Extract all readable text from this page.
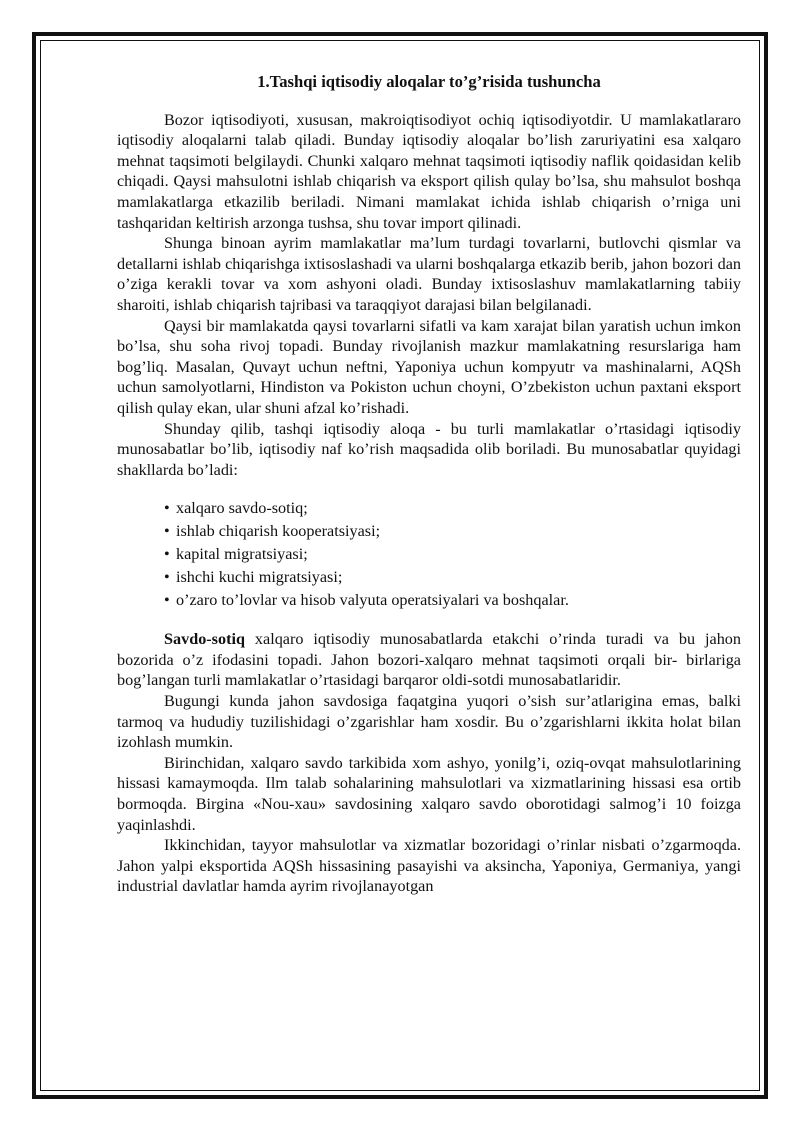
1.Tashqi iqtisodiy aloqalar to’g’risida tushuncha

Bozor iqtisodiyoti, xususan, makroiqtisodiyot ochiq iqtisodiyotdir. U mamlakatlararo iqtisodiy aloqalarni talab qiladi. Bunday iqtisodiy aloqalar bo’lish zaruriyatini esa xalqaro mehnat taqsimoti belgilaydi. Chunki xalqaro mehnat taqsimoti iqtisodiy naflik qoidasidan kelib chiqadi. Qaysi mahsulotni ishlab chiqarish va eksport qilish qulay bo’lsa, shu mahsulot boshqa mamlakatlarga etkazilib beriladi. Nimani mamlakat ichida ishlab chiqarish o’rniga uni tashqaridan keltirish arzonga tushsa, shu tovar import qilinadi.

Shunga binoan ayrim mamlakatlar ma’lum turdagi tovarlarni, butlovchi qismlar va detallarni ishlab chiqarishga ixtisoslashadi va ularni boshqalarga etkazib berib, jahon bozori dan o’ziga kerakli tovar va xom ashyoni oladi. Bunday ixtisoslashuv mamlakatlarning tabiiy sharoiti, ishlab chiqarish tajribasi va taraqqiyot darajasi bilan belgilanadi.

Qaysi bir mamlakatda qaysi tovarlarni sifatli va kam xarajat bilan yaratish uchun imkon bo’lsa, shu soha rivoj topadi. Bunday rivojlanish mazkur mamlakatning resurslariga ham bog’liq. Masalan, Quvayt uchun neftni, Yaponiya uchun kompyutr va mashinalarni, AQSh uchun samolyotlarni, Hindiston va Pokiston uchun choyni, O’zbekiston uchun paxtani eksport qilish qulay ekan, ular shuni afzal ko’rishadi.

Shunday qilib, tashqi iqtisodiy aloqa - bu turli mamlakatlar o’rtasidagi iqtisodiy munosabatlar bo’lib, iqtisodiy naf ko’rish maqsadida olib boriladi. Bu munosabatlar quyidagi shakllarda bo’ladi:

• xalqaro savdo-sotiq;
• ishlab chiqarish kooperatsiyasi;
• kapital migratsiyasi;
• ishchi kuchi migratsiyasi;
• o’zaro to’lovlar va hisob valyuta operatsiyalari va boshqalar.

Savdo-sotiq xalqaro iqtisodiy munosabatlarda etakchi o’rinda turadi va bu jahon bozorida o’z ifodasini topadi. Jahon bozori-xalqaro mehnat taqsimoti orqali bir- birlariga bog’langan turli mamlakatlar o’rtasidagi barqaror oldi-sotdi munosabatlaridir.

Bugungi kunda jahon savdosiga faqatgina yuqori o’sish sur’atlarigina emas, balki tarmoq va hududiy tuzilishidagi o’zgarishlar ham xosdir. Bu o’zgarishlarni ikkita holat bilan izohlash mumkin.

Birinchidan, xalqaro savdo tarkibida xom ashyo, yonilg’i, oziq-ovqat mahsulotlarining hissasi kamaymoqda. Ilm talab sohalarining mahsulotlari va xizmatlarining hissasi esa ortib bormoqda. Birgina «Nou-xau» savdosining xalqaro savdo oborotidagi salmog’i 10 foizga yaqinlashdi.

Ikkinchidan, tayyor mahsulotlar va xizmatlar bozoridagi o’rinlar nisbati o’zgarmoqda. Jahon yalpi eksportida AQSh hissasining pasayishi va aksincha, Yaponiya, Germaniya, yangi industrial davlatlar hamda ayrim rivojlanayotgan
